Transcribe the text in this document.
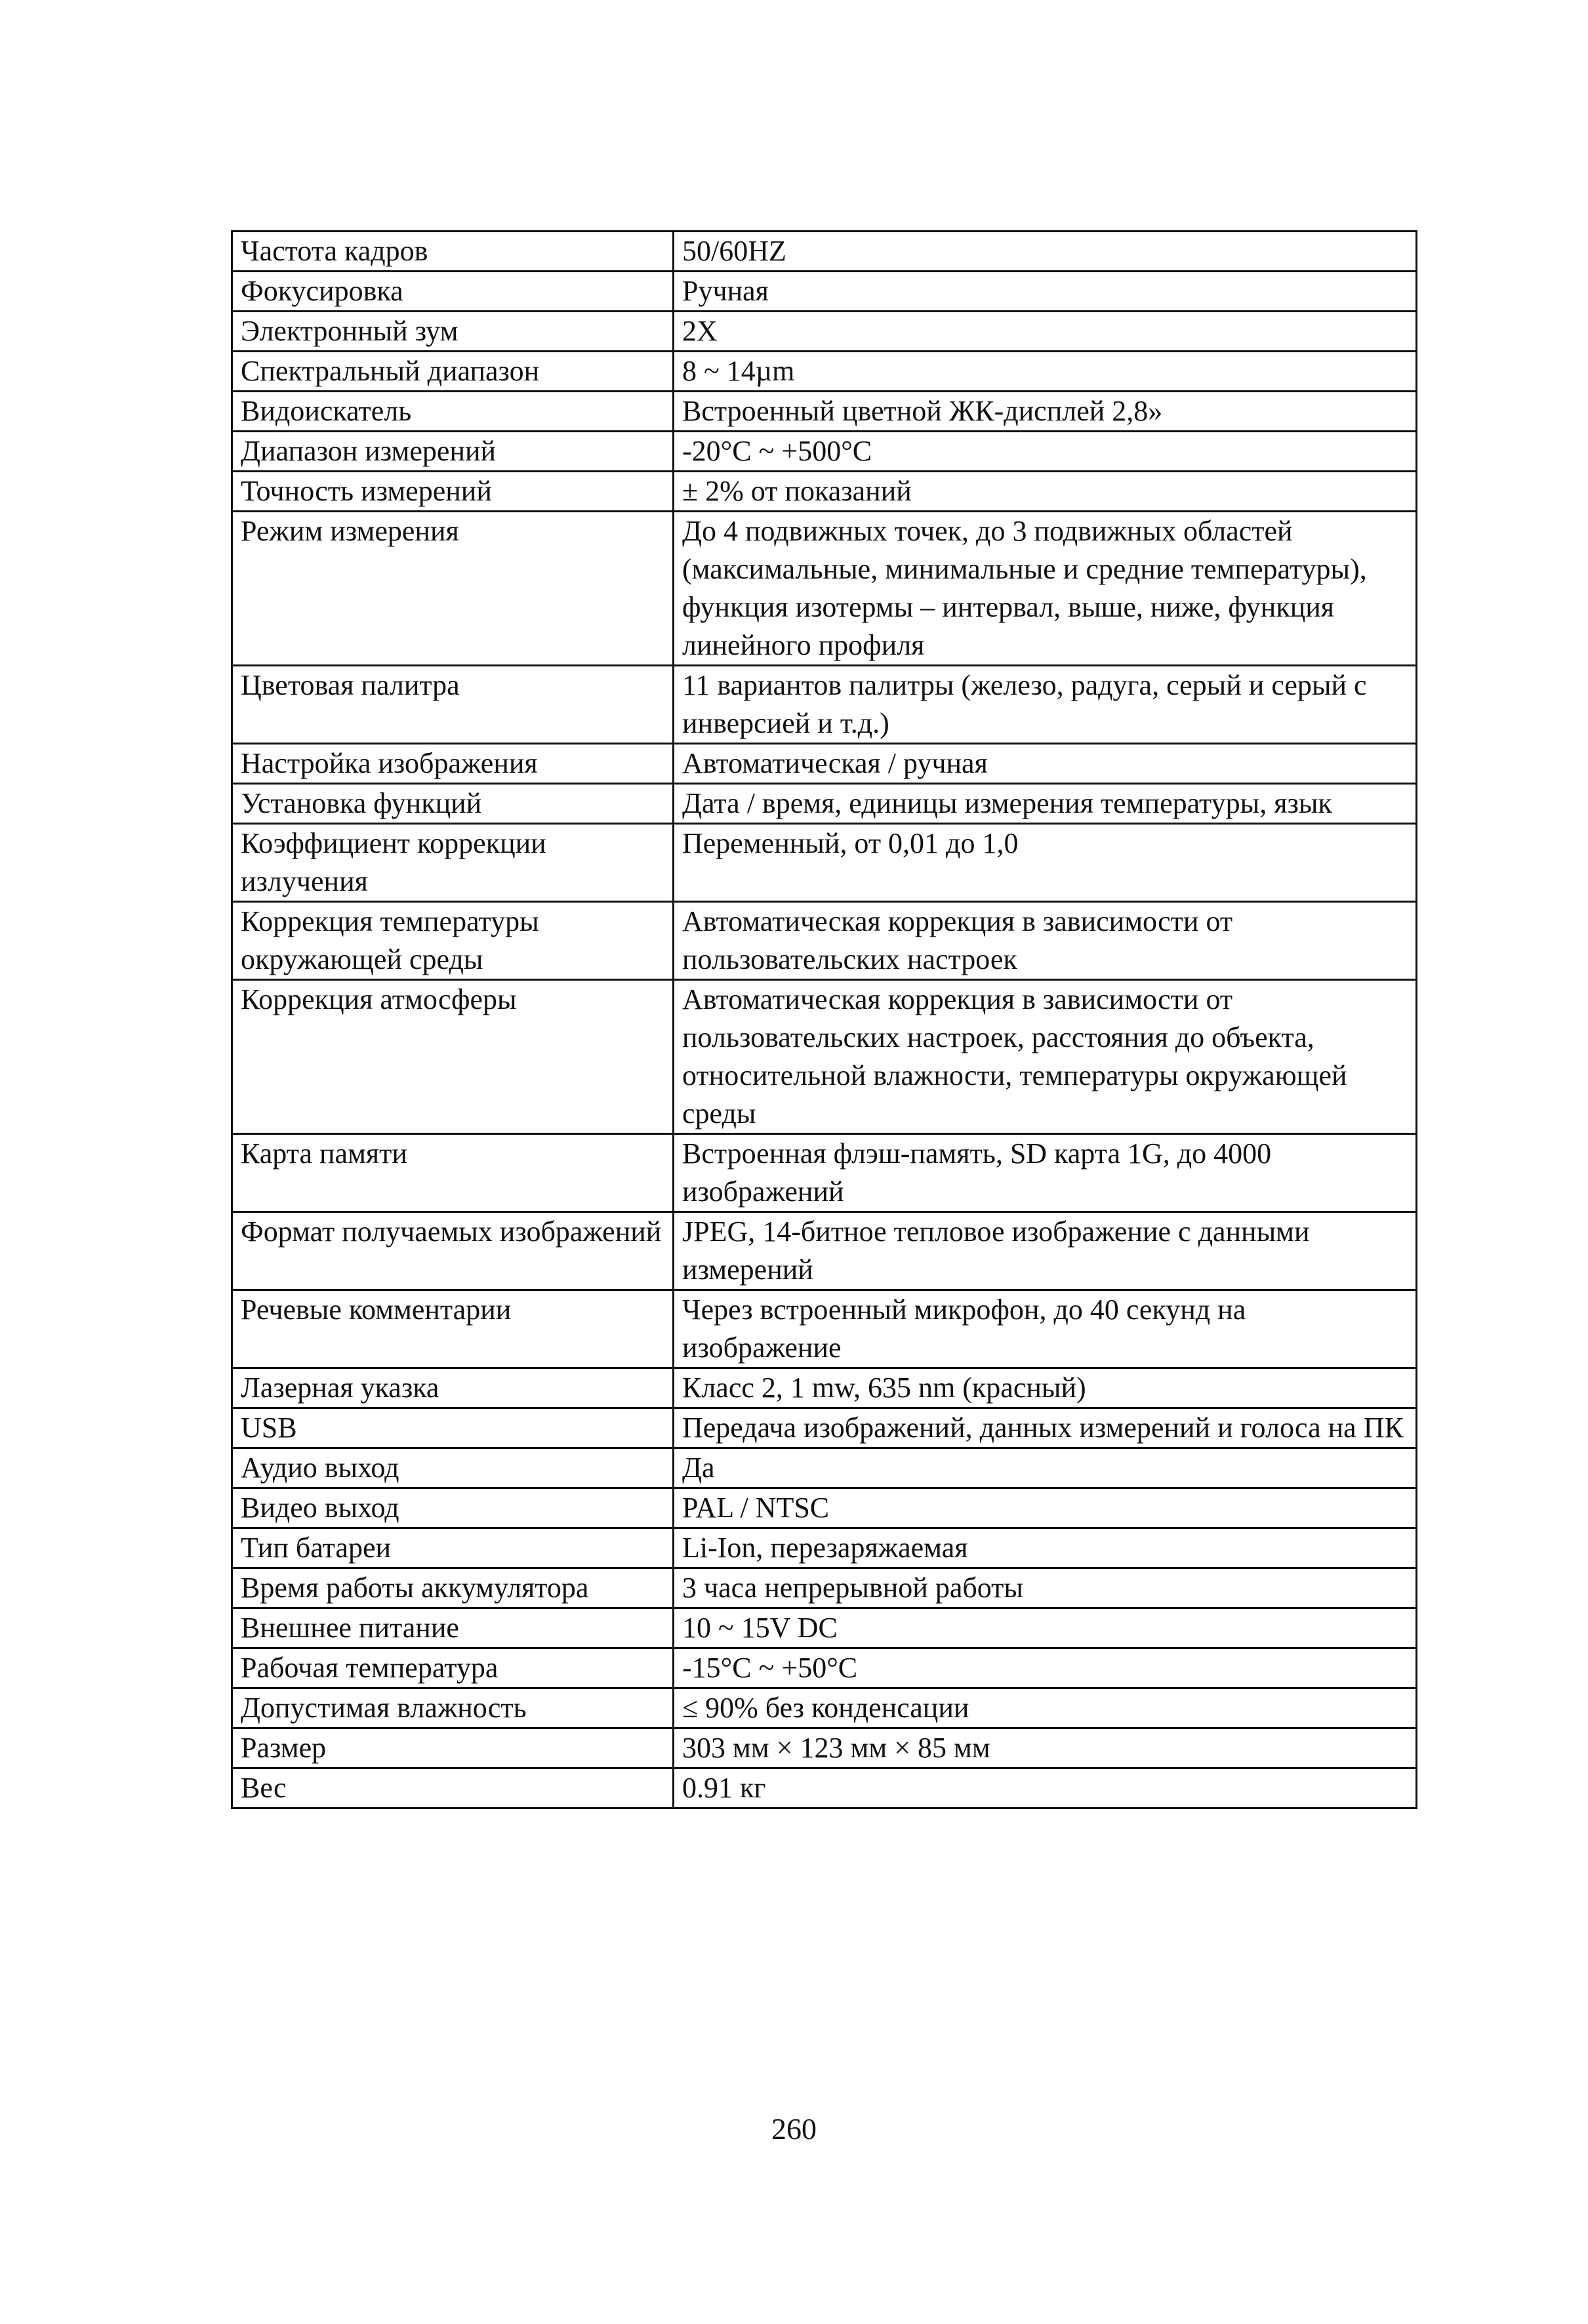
Частота кадров	50/60HZ
Фокусировка	Ручная
Электронный зум	2X
Спектральный диапазон	8 ~ 14µm
Видоискатель	Встроенный цветной ЖК-дисплей 2,8»
Диапазон измерений	-20°C ~ +500°C
Точность измерений	± 2% от показаний
Режим измерения	До 4 подвижных точек, до 3 подвижных областей (максимальные, минимальные и средние температуры), функция изотермы – интервал, выше, ниже, функция линейного профиля
Цветовая палитра	11 вариантов палитры (железо, радуга, серый и серый с инверсией и т.д.)
Настройка изображения	Автоматическая / ручная
Установка функций	Дата / время, единицы измерения температуры, язык
Коэффициент коррекции излучения	Переменный, от 0,01 до 1,0
Коррекция температуры окружающей среды	Автоматическая коррекция в зависимости от пользовательских настроек
Коррекция атмосферы	Автоматическая коррекция в зависимости от пользовательских настроек, расстояния до объекта, относительной влажности, температуры окружающей среды
Карта памяти	Встроенная флэш-память, SD карта 1G, до 4000 изображений
Формат получаемых изображений	JPEG, 14-битное тепловое изображение с данными измерений
Речевые комментарии	Через встроенный микрофон, до 40 секунд на изображение
Лазерная указка	Класс 2, 1 mw, 635 nm (красный)
USB	Передача изображений, данных измерений и голоса на ПК
Аудио выход	Да
Видео выход	PAL / NTSC
Тип батареи	Li-Ion, перезаряжаемая
Время работы аккумулятора	3 часа непрерывной работы
Внешнее питание	10 ~ 15V DC
Рабочая температура	-15°C ~ +50°C
Допустимая влажность	≤ 90% без конденсации
Размер	303 мм × 123 мм × 85 мм
Вес	0.91 кг
260
